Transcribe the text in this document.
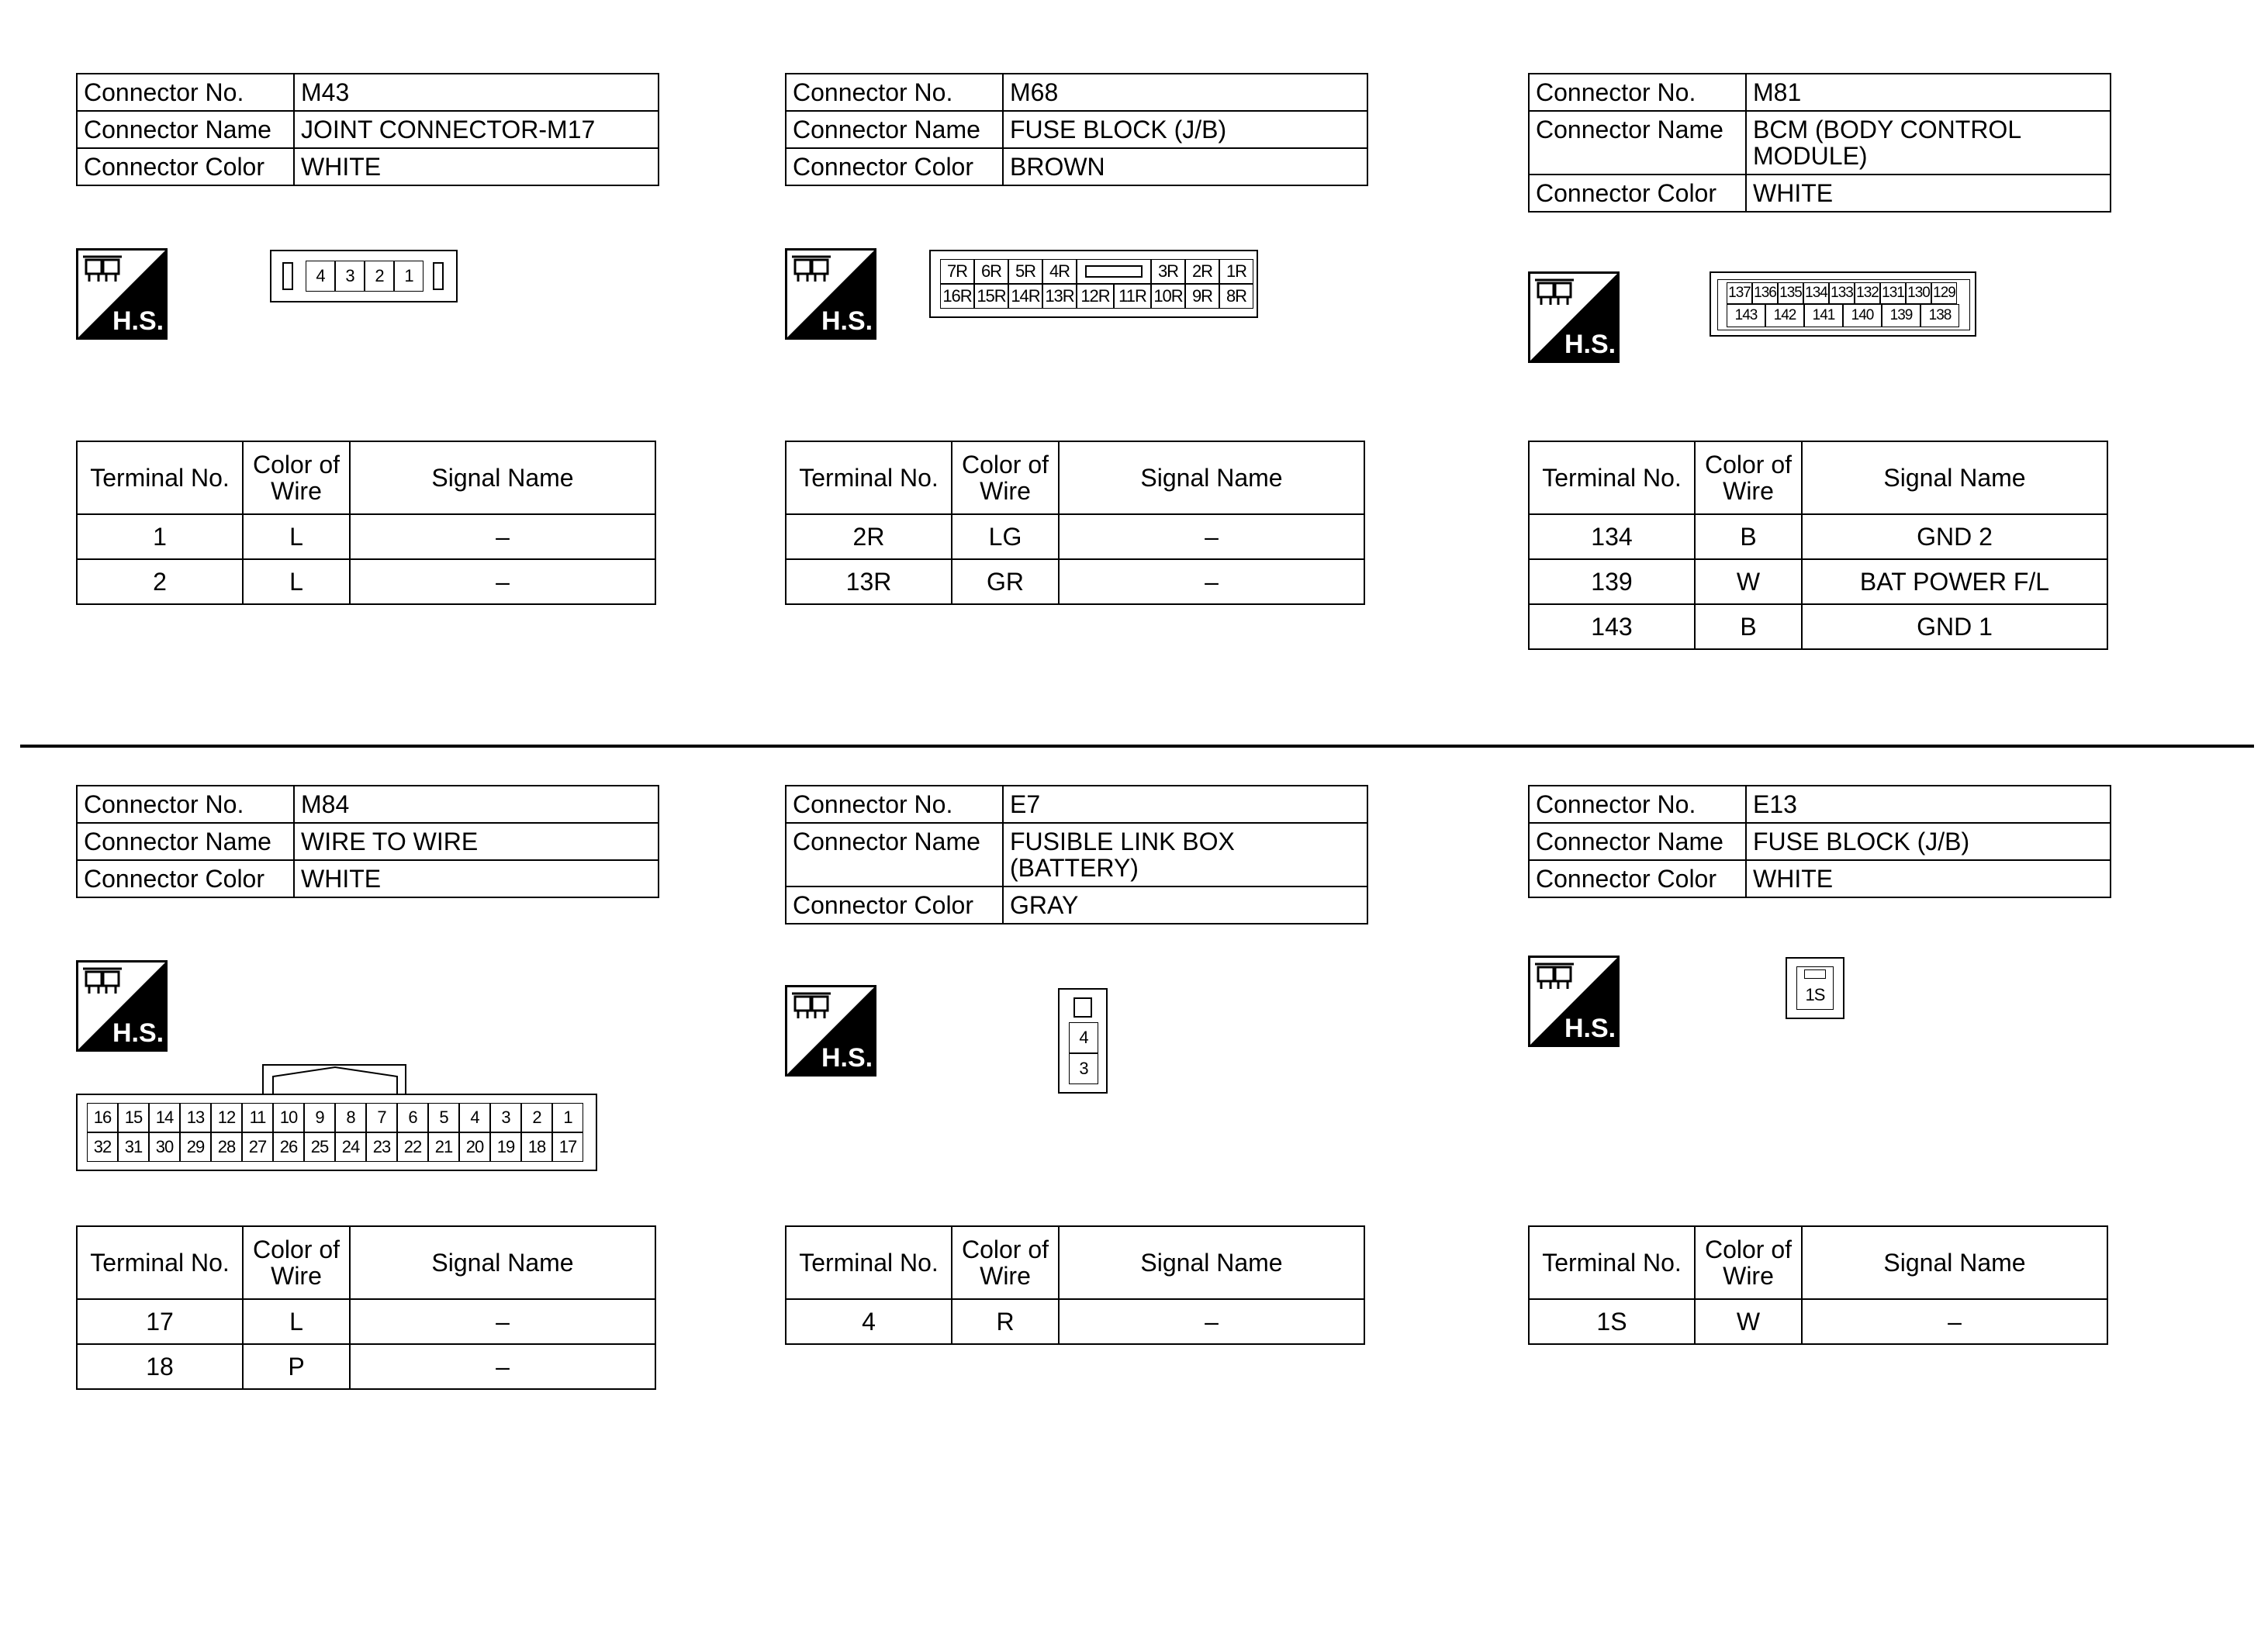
Connector No.	M43
Connector Name	JOINT CONNECTOR-M17
Connector Color	WHITE
H.S.
4	3	2	1
Terminal No.	Color of Wire	Signal Name
1	L	–
2	L	–
Connector No.	M68
Connector Name	FUSE BLOCK (J/B)
Connector Color	BROWN
H.S.
7R 6R 5R 4R	3R 2R 1R
16R 15R 14R 13R 12R 11R 10R 9R 8R
Terminal No.	Color of Wire	Signal Name
2R	LG	–
13R	GR	–
Connector No.	M81
Connector Name	BCM (BODY CONTROL MODULE)
Connector Color	WHITE
H.S.
137 136 135 134 133 132 131 130 129
143	142	141	140	139	138
Terminal No.	Color of Wire	Signal Name
134	B	GND 2
139	W	BAT POWER F/L
143	B	GND 1
Connector No.	M84
Connector Name	WIRE TO WIRE
Connector Color	WHITE
H.S.
16 15 14 13 12 11 10	9	8	7	6	5	4	3	2	1
32 31 30 29 28 27 26 25 24 23 22 21 20 19 18 17
Terminal No.	Color of Wire	Signal Name
17	L	–
18	P	–
Connector No.	E7
Connector Name	FUSIBLE LINK BOX (BATTERY)
Connector Color	GRAY
H.S.
4
3
Terminal No.	Color of Wire	Signal Name
4	R	–
Connector No.	E13
Connector Name	FUSE BLOCK (J/B)
Connector Color	WHITE
H.S.
1S
Terminal No.	Color of Wire	Signal Name
1S	W	–
